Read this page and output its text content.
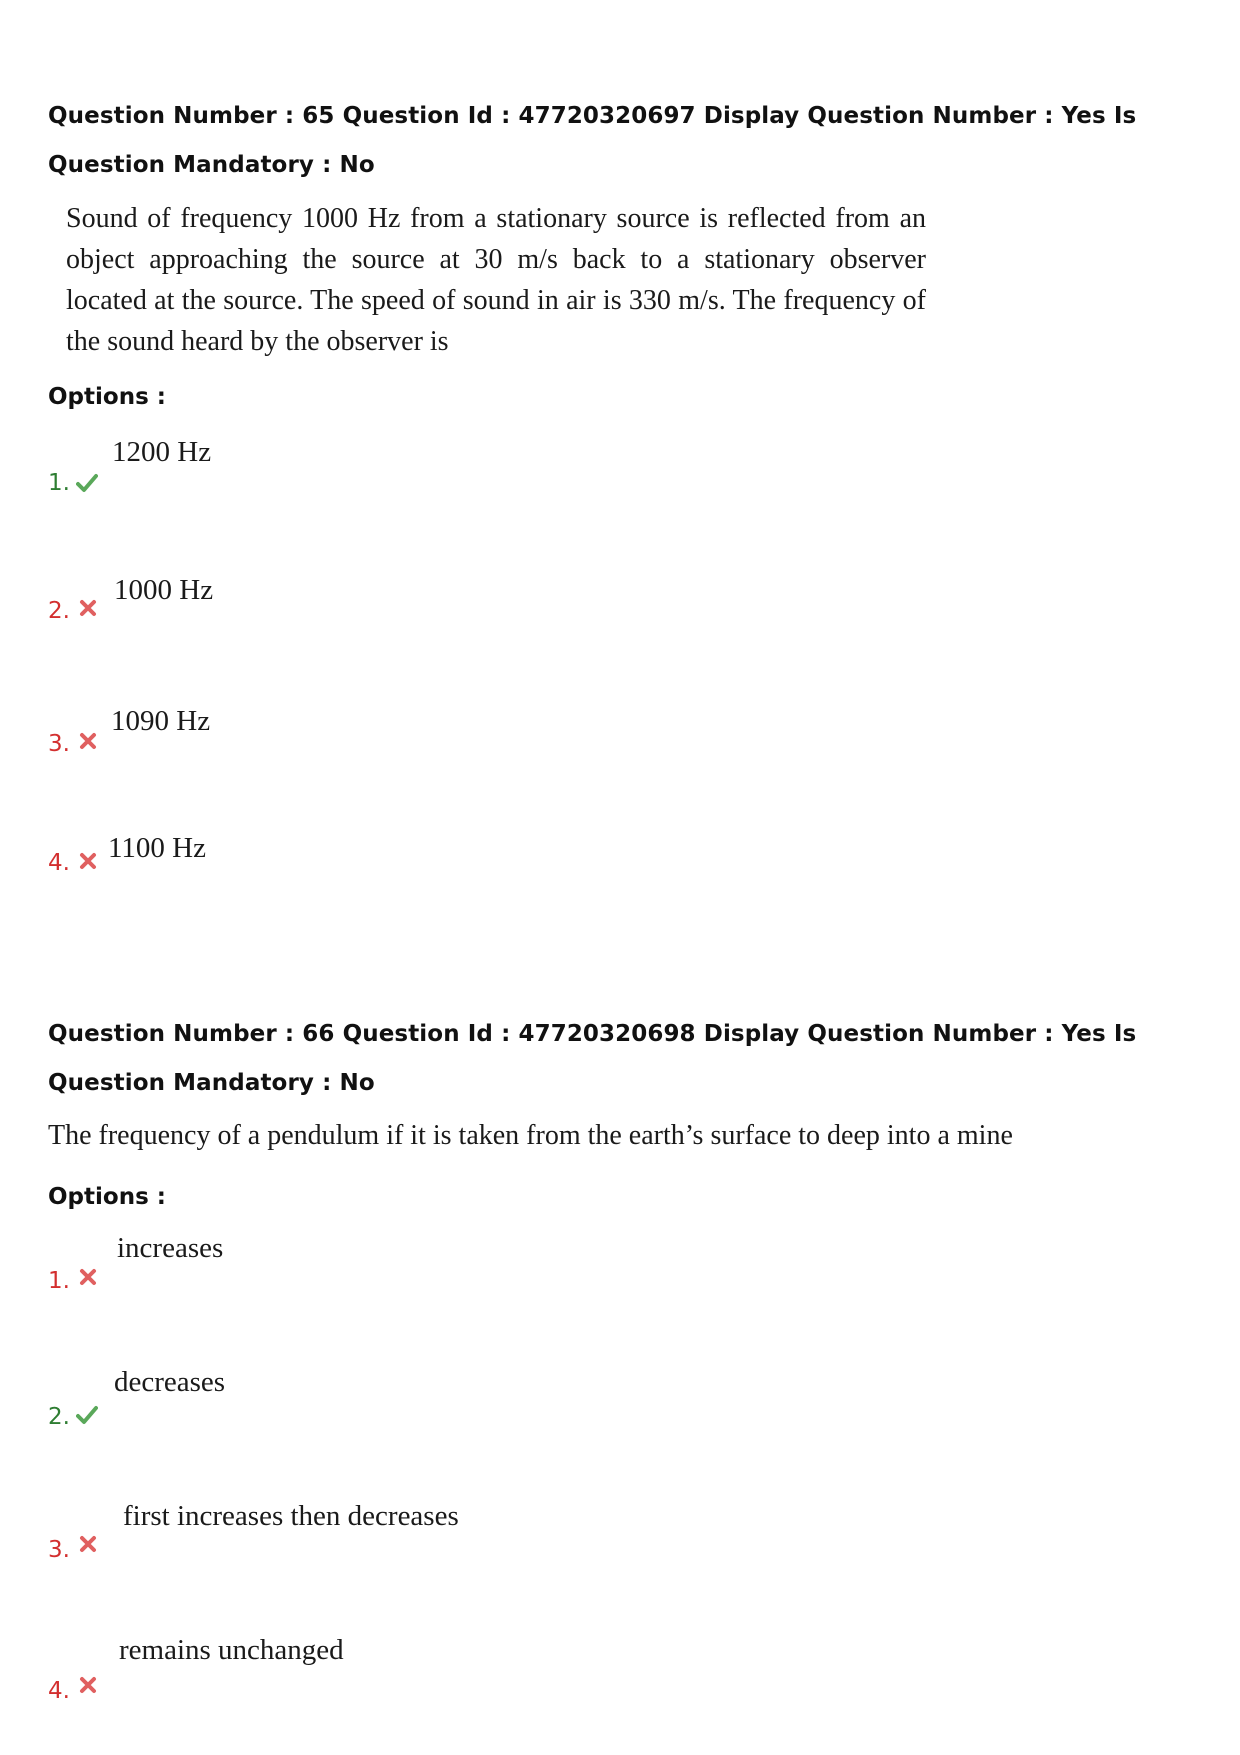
Question Number : 65 Question Id : 47720320697 Display Question Number : Yes Is Question Mandatory : No
Sound of frequency 1000 Hz from a stationary source is reflected from an object approaching the source at 30 m/s back to a stationary observer located at the source. The speed of sound in air is 330 m/s. The frequency of the sound heard by the observer is
Options :
1.
1200 Hz
2.
1000 Hz
3.
1090 Hz
4. 1100 Hz
Question Number : 66 Question Id : 47720320698 Display Question Number : Yes Is Question Mandatory : No
The frequency of a pendulum if it is taken from the earth’s surface to deep into a mine
Options :
1.
increases
2.
decreases
3.
first increases then decreases
4.
remains unchanged
